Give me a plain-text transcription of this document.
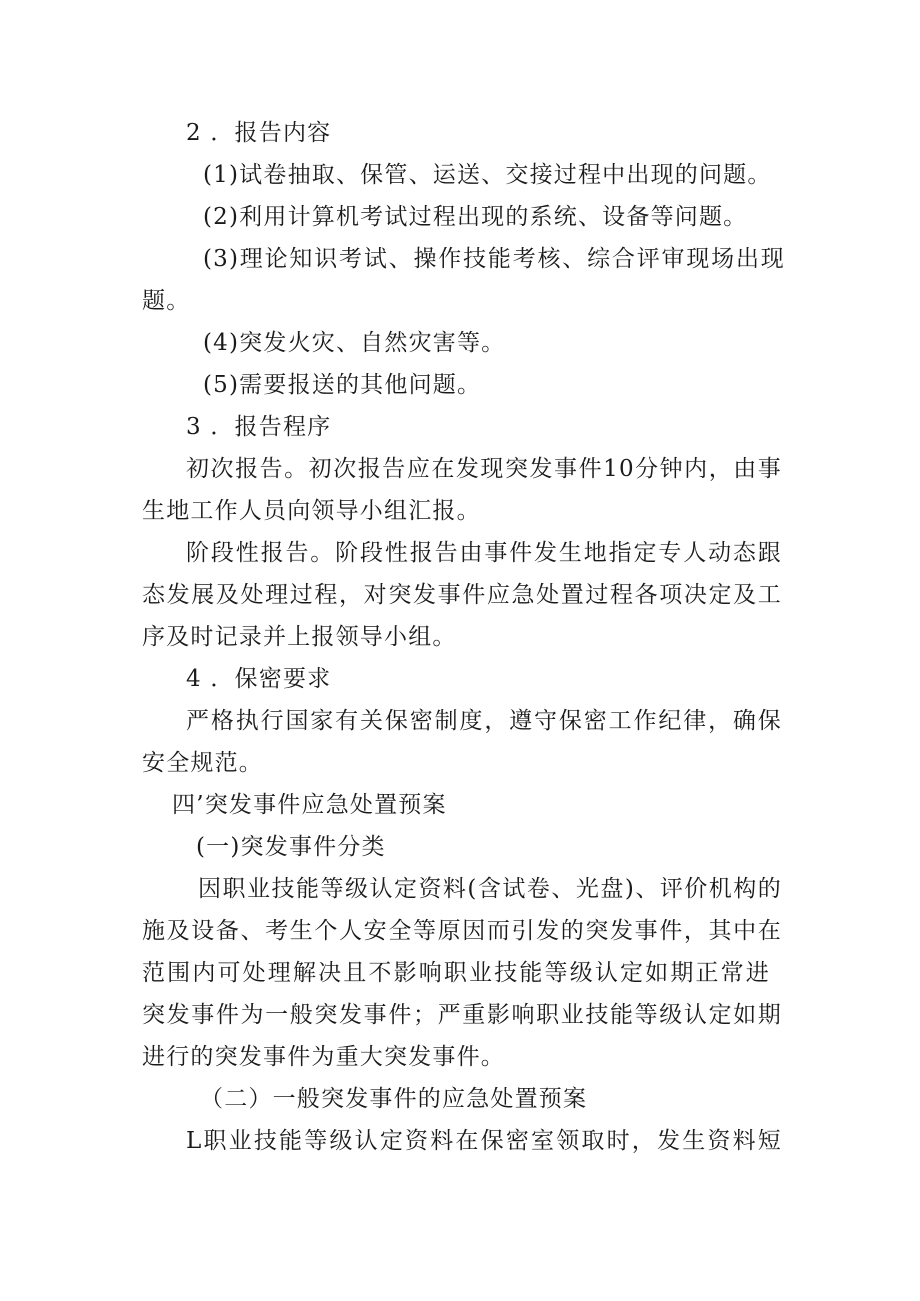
2 ．报告内容
(1)试卷抽取、保管、运送、交接过程中出现的问题。
(2)利用计算机考试过程出现的系统、设备等问题。
(3)理论知识考试、操作技能考核、综合评审现场出现
题。
(4)突发火灾、自然灾害等。
(5)需要报送的其他问题。
3 ．报告程序
初次报告。初次报告应在发现突发事件10分钟内，由事
生地工作人员向领导小组汇报。
阶段性报告。阶段性报告由事件发生地指定专人动态跟
态发展及处理过程，对突发事件应急处置过程各项决定及工
序及时记录并上报领导小组。
4 ．保密要求
严格执行国家有关保密制度，遵守保密工作纪律，确保
安全规范。
四’突发事件应急处置预案
(一)突发事件分类
因职业技能等级认定资料(含试卷、光盘)、评价机构的
施及设备、考生个人安全等原因而引发的突发事件，其中在
范围内可处理解决且不影响职业技能等级认定如期正常进
突发事件为一般突发事件；严重影响职业技能等级认定如期
进行的突发事件为重大突发事件。
（二）一般突发事件的应急处置预案
L职业技能等级认定资料在保密室领取时，发生资料短
